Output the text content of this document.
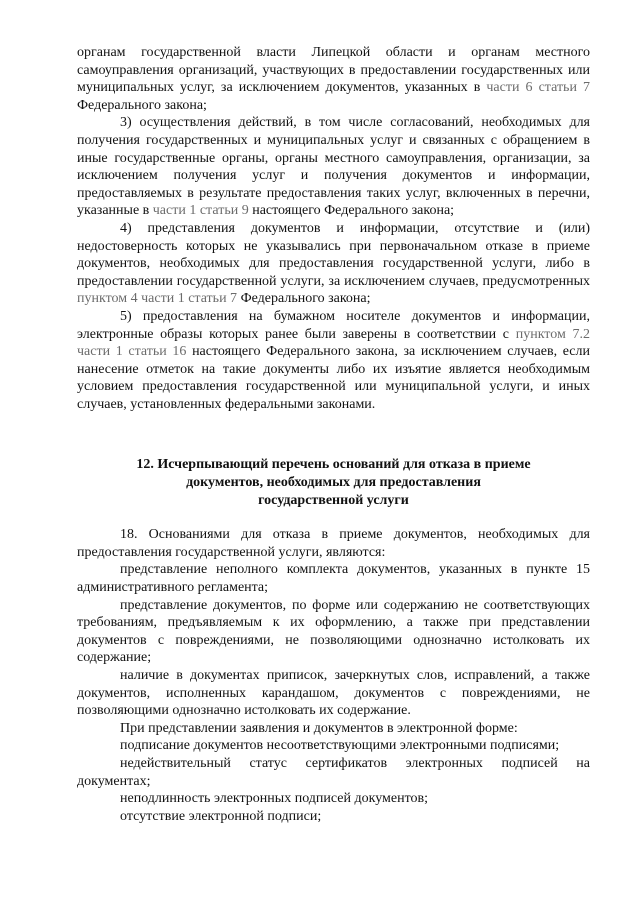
органам государственной власти Липецкой области и органам местного самоуправления организаций, участвующих в предоставлении государственных или муниципальных услуг, за исключением документов, указанных в части 6 статьи 7 Федерального закона;

3) осуществления действий, в том числе согласований, необходимых для получения государственных и муниципальных услуг и связанных с обращением в иные государственные органы, органы местного самоуправления, организации, за исключением получения услуг и получения документов и информации, предоставляемых в результате предоставления таких услуг, включенных в перечни, указанные в части 1 статьи 9 настоящего Федерального закона;

4) представления документов и информации, отсутствие и (или) недостоверность которых не указывались при первоначальном отказе в приеме документов, необходимых для предоставления государственной услуги, либо в предоставлении государственной услуги, за исключением случаев, предусмотренных пунктом 4 части 1 статьи 7 Федерального закона;

5) предоставления на бумажном носителе документов и информации, электронные образы которых ранее были заверены в соответствии с пунктом 7.2 части 1 статьи 16 настоящего Федерального закона, за исключением случаев, если нанесение отметок на такие документы либо их изъятие является необходимым условием предоставления государственной или муниципальной услуги, и иных случаев, установленных федеральными законами.

12. Исчерпывающий перечень оснований для отказа в приеме

документов, необходимых для предоставления

государственной услуги

18. Основаниями для отказа в приеме документов, необходимых для предоставления государственной услуги, являются:

представление неполного комплекта документов, указанных в пункте 15 административного регламента;

представление документов, по форме или содержанию не соответствующих требованиям, предъявляемым к их оформлению, а также при представлении документов с повреждениями, не позволяющими однозначно истолковать их содержание;

наличие в документах приписок, зачеркнутых слов, исправлений, а также документов, исполненных карандашом, документов с повреждениями, не позволяющими однозначно истолковать их содержание.

При представлении заявления и документов в электронной форме:

подписание документов несоответствующими электронными подписями;

недействительный статус сертификатов электронных подписей на документах;

неподлинность электронных подписей документов;

отсутствие электронной подписи;
